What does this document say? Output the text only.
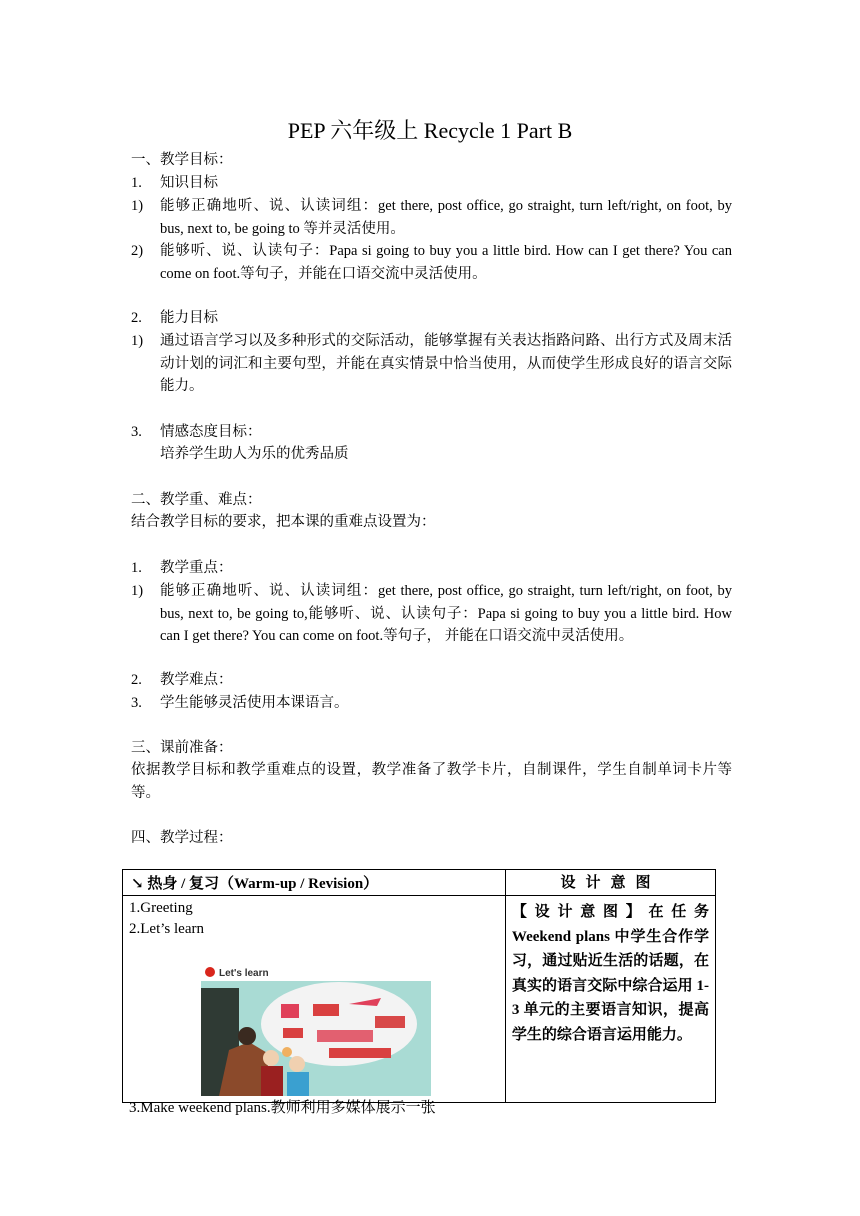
PEP 六年级上 Recycle 1 Part B
一、教学目标：
1. 知识目标
1) 能够正确地听、说、认读词组：get there, post office, go straight, turn left/right, on foot, by bus, next to, be going to 等并灵活使用。
2) 能够听、说、认读句子：Papa si going to buy you a little bird. How can I get there? You can come on foot.等句子，并能在口语交流中灵活使用。
2. 能力目标
1) 通过语言学习以及多种形式的交际活动，能够掌握有关表达指路问路、出行方式及周末活动计划的词汇和主要句型，并能在真实情景中恰当使用，从而使学生形成良好的语言交际能力。
3. 情感态度目标：
培养学生助人为乐的优秀品质
二、教学重、难点：
结合教学目标的要求，把本课的重难点设置为：
1. 教学重点：
1) 能够正确地听、说、认读词组：get there, post office, go straight, turn left/right, on foot, by bus, next to, be going to,能够听、说、认读句子：Papa si going to buy you a little bird. How can I get there? You can come on foot.等句子， 并能在口语交流中灵活使用。
2. 教学难点：
3. 学生能够灵活使用本课语言。
三、课前准备：
依据教学目标和教学重难点的设置，教学准备了教学卡片，自制课件，学生自制单词卡片等等。
四、教学过程：
↘ 热身 / 复习（Warm-up / Revision）	设计意图

1.Greeting
2.Let’s learn
Let's learn
3.Make weekend plans.教师利用多媒体展示一张	【设计意图】在任务 Weekend plans 中学生合作学习，通过贴近生活的话题，在真实的语言交际中综合运用 1-3 单元的主要语言知识，提高学生的综合语言运用能力。
